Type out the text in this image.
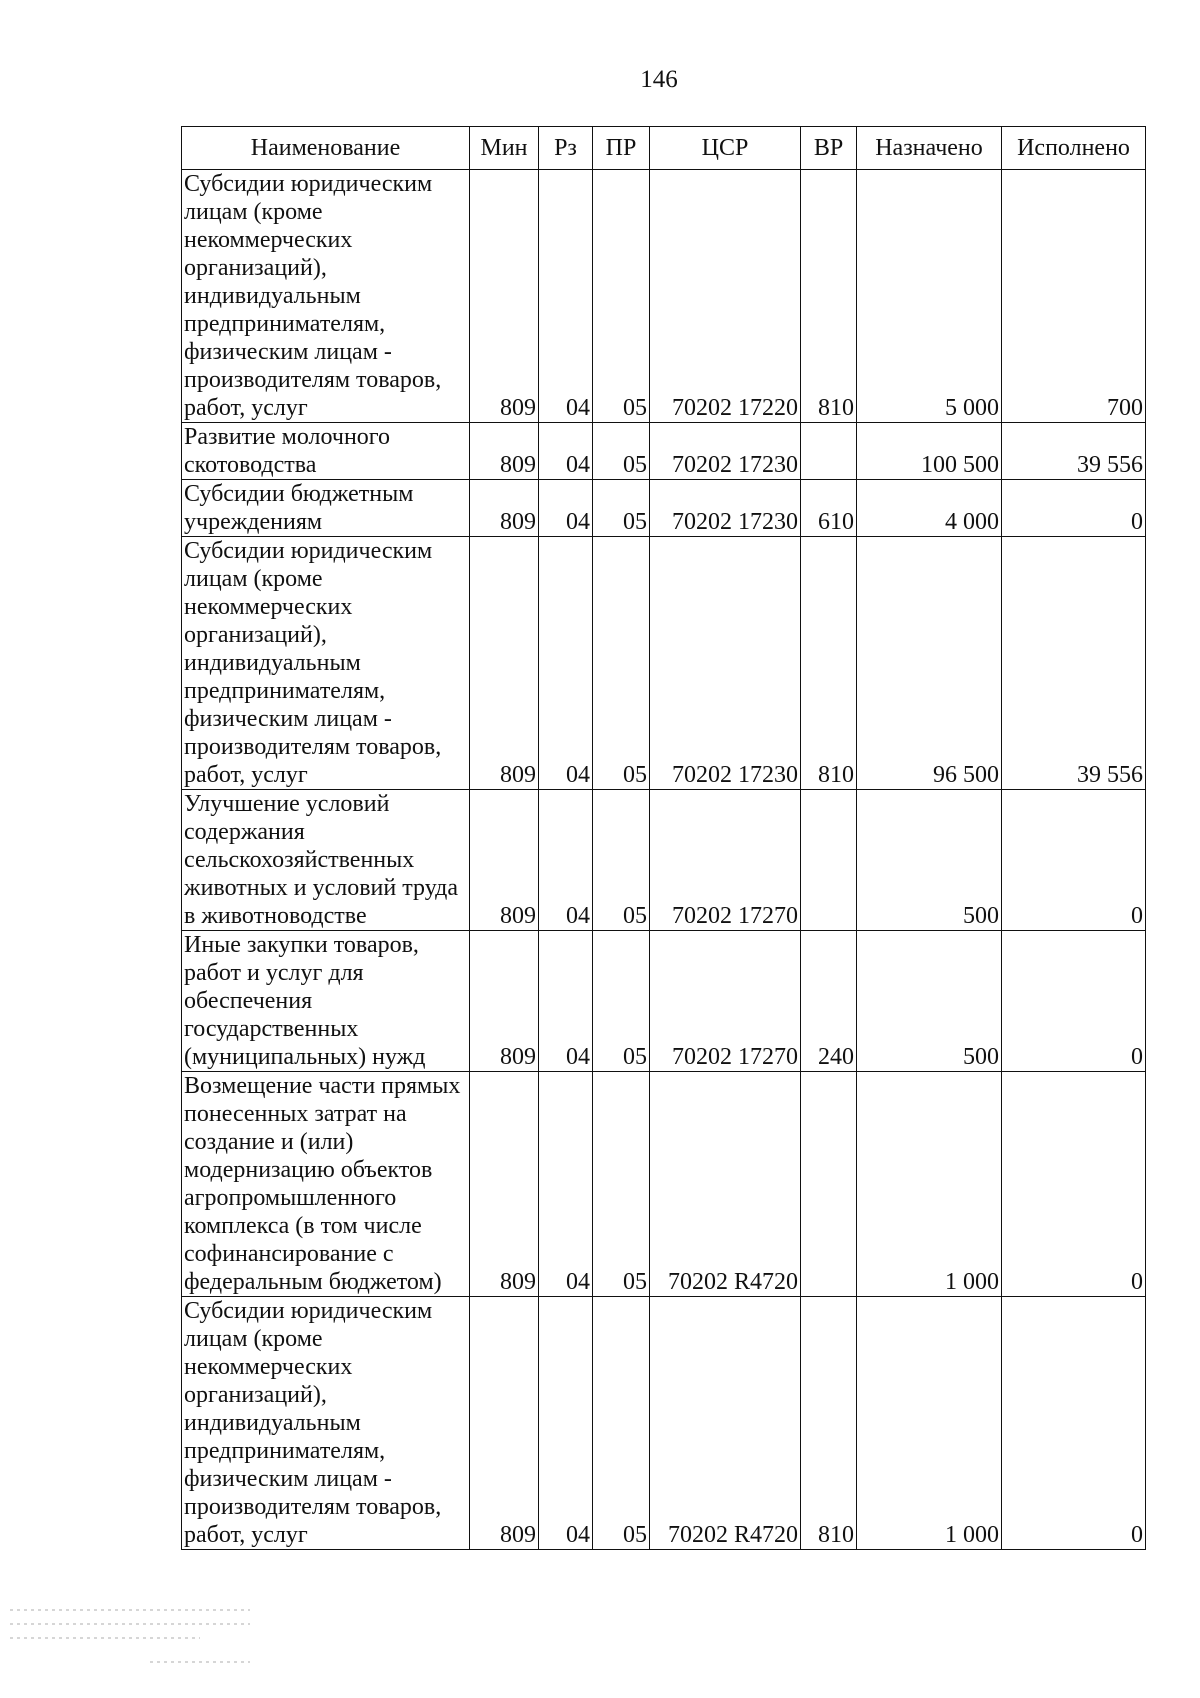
146
Наименование	Мин	Рз	ПР	ЦСР	ВР	Назначено	Исполнено
Субсидии юридическим лицам (кроме некоммерческих организаций), индивидуальным предпринимателям, физическим лицам - производителям товаров, работ, услуг	809	04	05	70202 17220	810	5 000	700
Развитие молочного скотоводства	809	04	05	70202 17230		100 500	39 556
Субсидии бюджетным учреждениям	809	04	05	70202 17230	610	4 000	0
Субсидии юридическим лицам (кроме некоммерческих организаций), индивидуальным предпринимателям, физическим лицам - производителям товаров, работ, услуг	809	04	05	70202 17230	810	96 500	39 556
Улучшение условий содержания сельскохозяйственных животных и условий труда в животноводстве	809	04	05	70202 17270		500	0
Иные закупки товаров, работ и услуг для обеспечения государственных (муниципальных) нужд	809	04	05	70202 17270	240	500	0
Возмещение части прямых понесенных затрат на создание и (или) модернизацию объектов агропромышленного комплекса (в том числе софинансирование с федеральным бюджетом)	809	04	05	70202 R4720		1 000	0
Субсидии юридическим лицам (кроме некоммерческих организаций), индивидуальным предпринимателям, физическим лицам - производителям товаров, работ, услуг	809	04	05	70202 R4720	810	1 000	0
